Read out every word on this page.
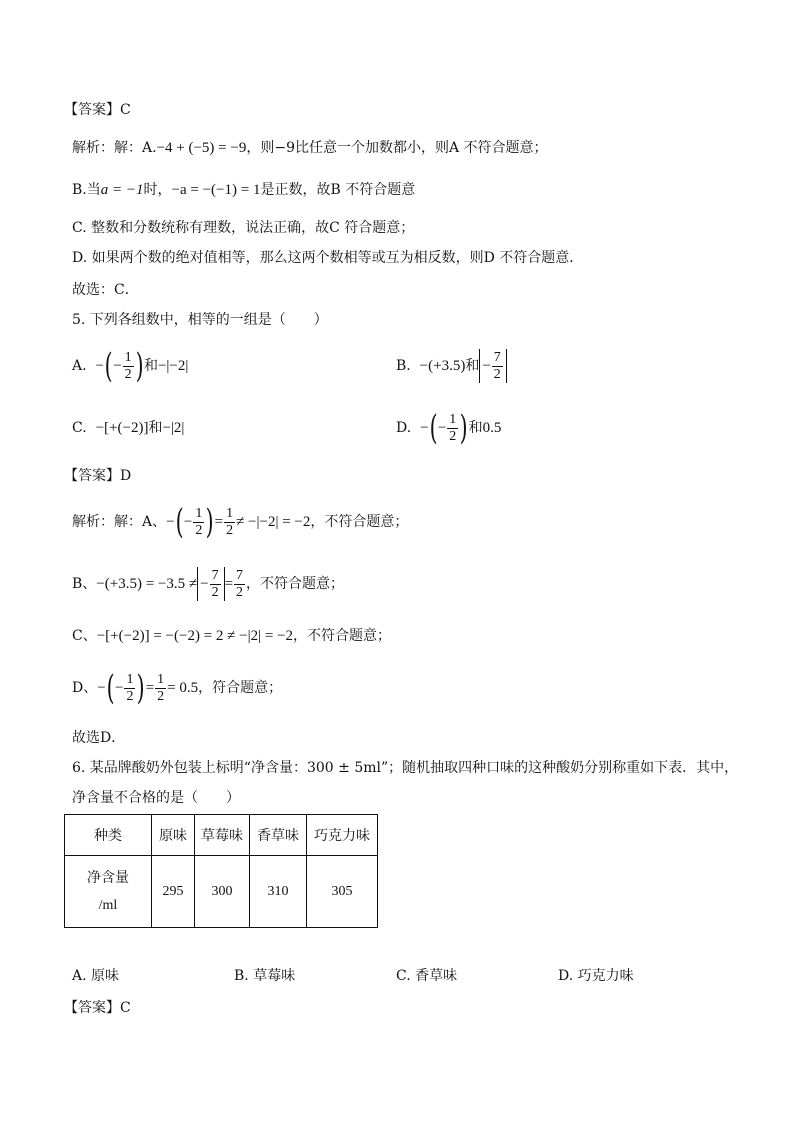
【答案】C
解析：解：A.−4 + (−5) = −9，则−9比任意一个加数都小，则A 不符合题意；
B.当a = −1时，−a = −(−1) = 1是正数，故B 不符合题意
C. 整数和分数统称有理数，说法正确，故C 符合题意；
D. 如果两个数的绝对值相等，那么这两个数相等或互为相反数，则D 不符合题意．
故选：C．
5. 下列各组数中，相等的一组是（　　）
A. −(− $\frac{1}{2}$ )和−|−2|	B. −(+3.5)和 − $\frac{7}{2}$
C. −[+(−2)]和−|2|	D. −(− $\frac{1}{2}$ )和0.5
【答案】D
解析：解：A、−(− $\frac{1}{2}$ )= $\frac{1}{2} \ne -|-2| = -2$，不符合题意；
B、−(+3.5) = −3.5 ≠ − $\frac{7}{2} = \frac{7}{2}$ ，不符合题意；
C、−[+(−2)] = −(−2) = 2 ≠ −|2| = −2，不符合题意；
D、−(− $\frac{1}{2}$ )= $\frac{1}{2} = 0.5$，符合题意；
故选D．
6. 某品牌酸奶外包装上标明“净含量：300 ± 5ml”；随机抽取四种口味的这种酸奶分别称重如下表．其中，
净含量不合格的是（　　）
种类	原味	草莓味	香草味	巧克力味

净含量
/ml	295	300	310	305
A. 原味	B. 草莓味	C. 香草味	D. 巧克力味
【答案】C
